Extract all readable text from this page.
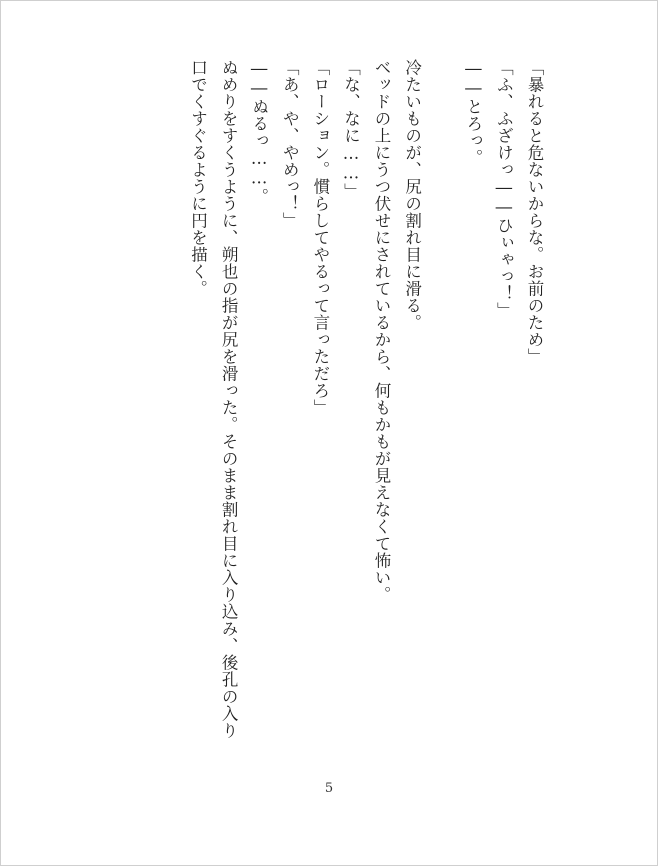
「暴れると危ないからな。お前のため」
「ふ、ふざけっ――ひぃゃっ！」
――とろっ。
冷たいものが、尻の割れ目に滑る。
ベッドの上にうつ伏せにされているから、何もかもが見えなくて怖い。
「な、なに……」
「ローション。慣らしてやるって言っただろ」
「あ、や、やめっ！」
――ぬるっ……。
ぬめりをすくうように、朔也の指が尻を滑った。そのまま割れ目に入り込み、後孔の入り
口でくすぐるように円を描く。
5
